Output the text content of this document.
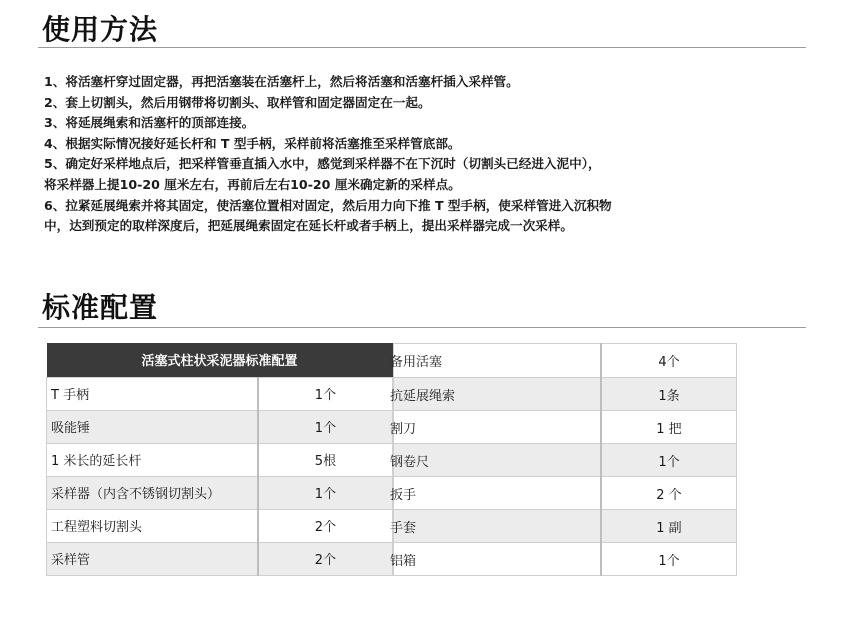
使用方法
1、将活塞杆穿过固定器，再把活塞装在活塞杆上，然后将活塞和活塞杆插入采样管。
2、套上切割头，然后用钢带将切割头、取样管和固定器固定在一起。
3、将延展绳索和活塞杆的顶部连接。
4、根据实际情况接好延长杆和 T 型手柄，采样前将活塞推至采样管底部。
5、确定好采样地点后，把采样管垂直插入水中，感觉到采样器不在下沉时（切割头已经进入泥中），
将采样器上提10-20 厘米左右，再前后左右10-20 厘米确定新的采样点。
6、拉紧延展绳索并将其固定，使活塞位置相对固定，然后用力向下推 T 型手柄，使采样管进入沉积物
中，达到预定的取样深度后，把延展绳索固定在延长杆或者手柄上，提出采样器完成一次采样。
标准配置
活塞式柱状采泥器标准配置	
T 手柄	1个
吸能锤	1个
1 米长的延长杆	5根
采样器（内含不锈钢切割头）	1个
工程塑料切割头	2个
采样管	2个
备用活塞	4个
抗延展绳索	1条
割刀	1 把
钢卷尺	1个
扳手	2 个
手套	1 副
铝箱	1个
